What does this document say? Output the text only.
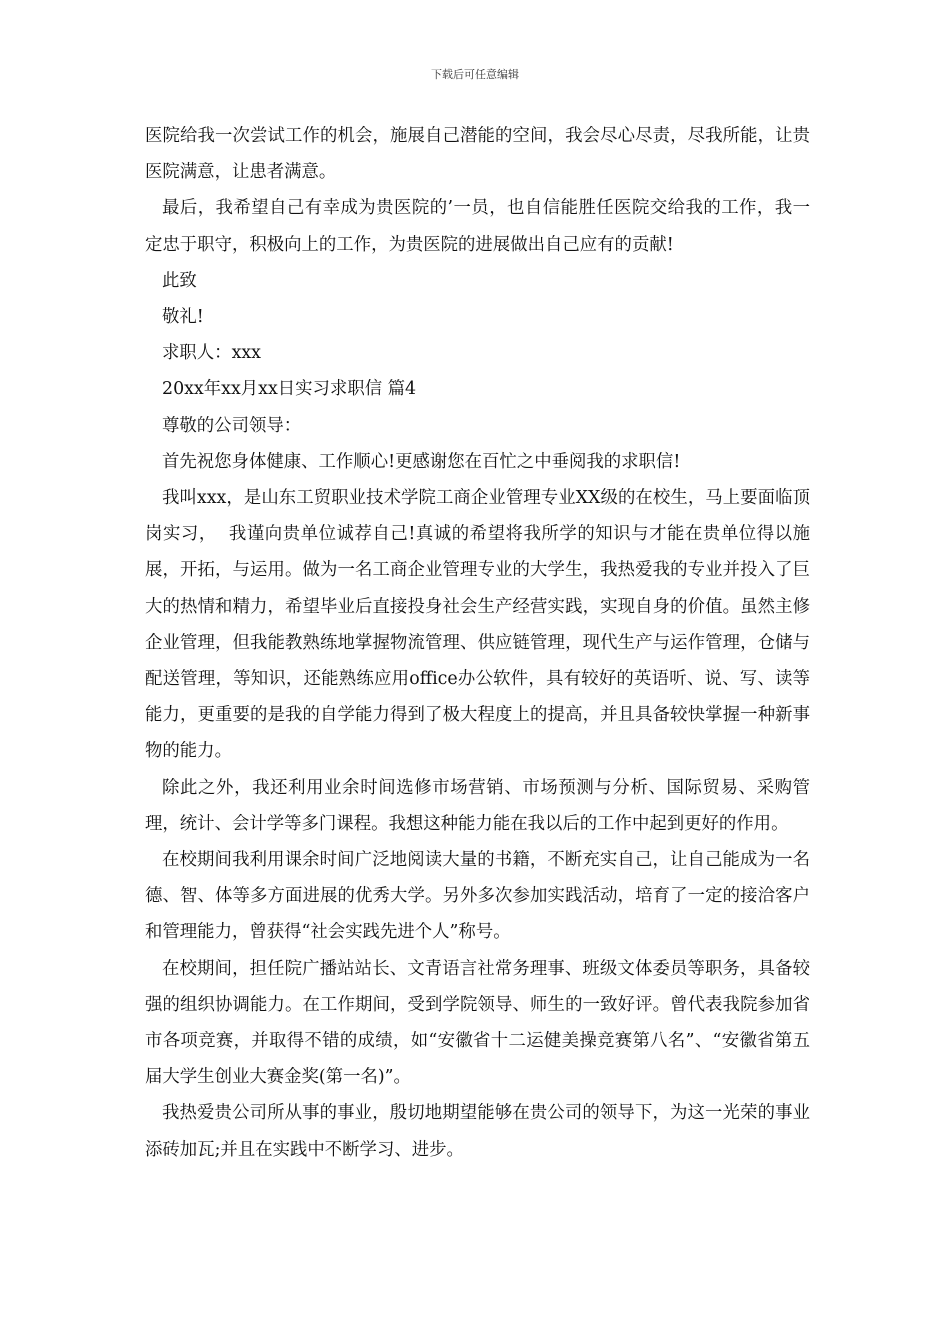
下载后可任意编辑

医院给我一次尝试工作的机会，施展自己潜能的空间，我会尽心尽责，尽我所能，让贵医院满意，让患者满意。

最后，我希望自己有幸成为贵医院的’一员，也自信能胜任医院交给我的工作，我一定忠于职守，积极向上的工作，为贵医院的进展做出自己应有的贡献!

此致

敬礼!

求职人：xxx

20xx年xx月xx日实习求职信 篇4

尊敬的公司领导：

首先祝您身体健康、工作顺心!更感谢您在百忙之中垂阅我的求职信!

我叫xxx，是山东工贸职业技术学院工商企业管理专业XX级的在校生，马上要面临顶岗实习，  我谨向贵单位诚荐自己!真诚的希望将我所学的知识与才能在贵单位得以施展，开拓，与运用。做为一名工商企业管理专业的大学生，我热爱我的专业并投入了巨大的热情和精力，希望毕业后直接投身社会生产经营实践，实现自身的价值。虽然主修企业管理，但我能教熟练地掌握物流管理、供应链管理，现代生产与运作管理，仓储与配送管理，等知识，还能熟练应用office办公软件，具有较好的英语听、说、写、读等能力，更重要的是我的自学能力得到了极大程度上的提高，并且具备较快掌握一种新事物的能力。

除此之外，我还利用业余时间选修市场营销、市场预测与分析、国际贸易、采购管理，统计、会计学等多门课程。我想这种能力能在我以后的工作中起到更好的作用。

在校期间我利用课余时间广泛地阅读大量的书籍，不断充实自己，让自己能成为一名德、智、体等多方面进展的优秀大学。另外多次参加实践活动，培育了一定的接洽客户和管理能力，曾获得“社会实践先进个人”称号。

在校期间，担任院广播站站长、文青语言社常务理事、班级文体委员等职务，具备较强的组织协调能力。在工作期间，受到学院领导、师生的一致好评。曾代表我院参加省市各项竞赛，并取得不错的成绩，如“安徽省十二运健美操竞赛第八名”、“安徽省第五届大学生创业大赛金奖(第一名)”。

我热爱贵公司所从事的事业，殷切地期望能够在贵公司的领导下，为这一光荣的事业添砖加瓦;并且在实践中不断学习、进步。
